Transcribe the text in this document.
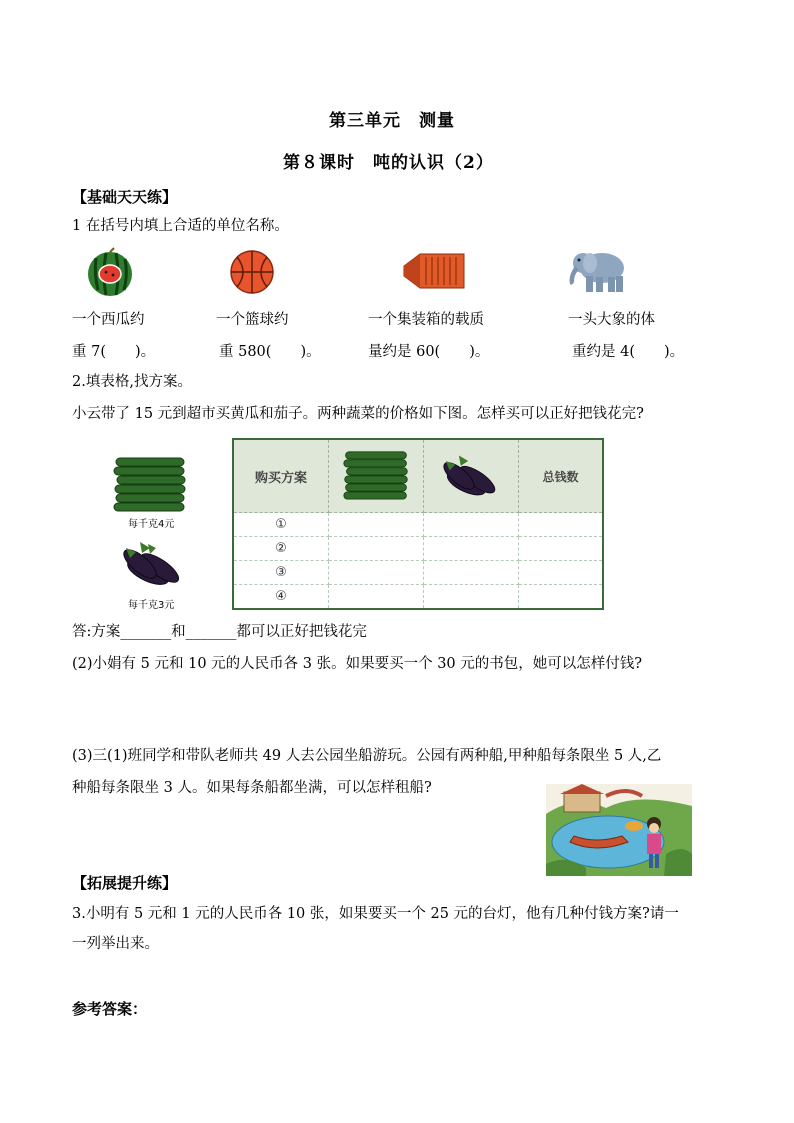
第三单元　测量
第８课时　吨的认识（2）
【基础天天练】
1 在括号内填上合适的单位名称。
一个西瓜约
重 7(　　)。
一个篮球约
重 580(　　)。
一个集装箱的载质
量约是 60(　　)。
一头大象的体
重约是 4(　　)。
2.填表格,找方案。
小云带了 15 元到超市买黄瓜和茄子。两种蔬菜的价格如下图。怎样买可以正好把钱花完?
每千克4元
每千克3元
购买方案			总钱数
①			
②			
③			
④			
答:方案_______和_______都可以正好把钱花完
(2)小娟有 5 元和 10 元的人民币各 3 张。如果要买一个 30 元的书包，她可以怎样付钱?
(3)三(1)班同学和带队老师共 49 人去公园坐船游玩。公园有两种船,甲种船每条限坐 5 人,乙
种船每条限坐 3 人。如果每条船都坐满，可以怎样租船?
【拓展提升练】
3.小明有 5 元和 1 元的人民币各 10 张，如果要买一个 25 元的台灯，他有几种付钱方案?请一
一列举出来。
参考答案：
